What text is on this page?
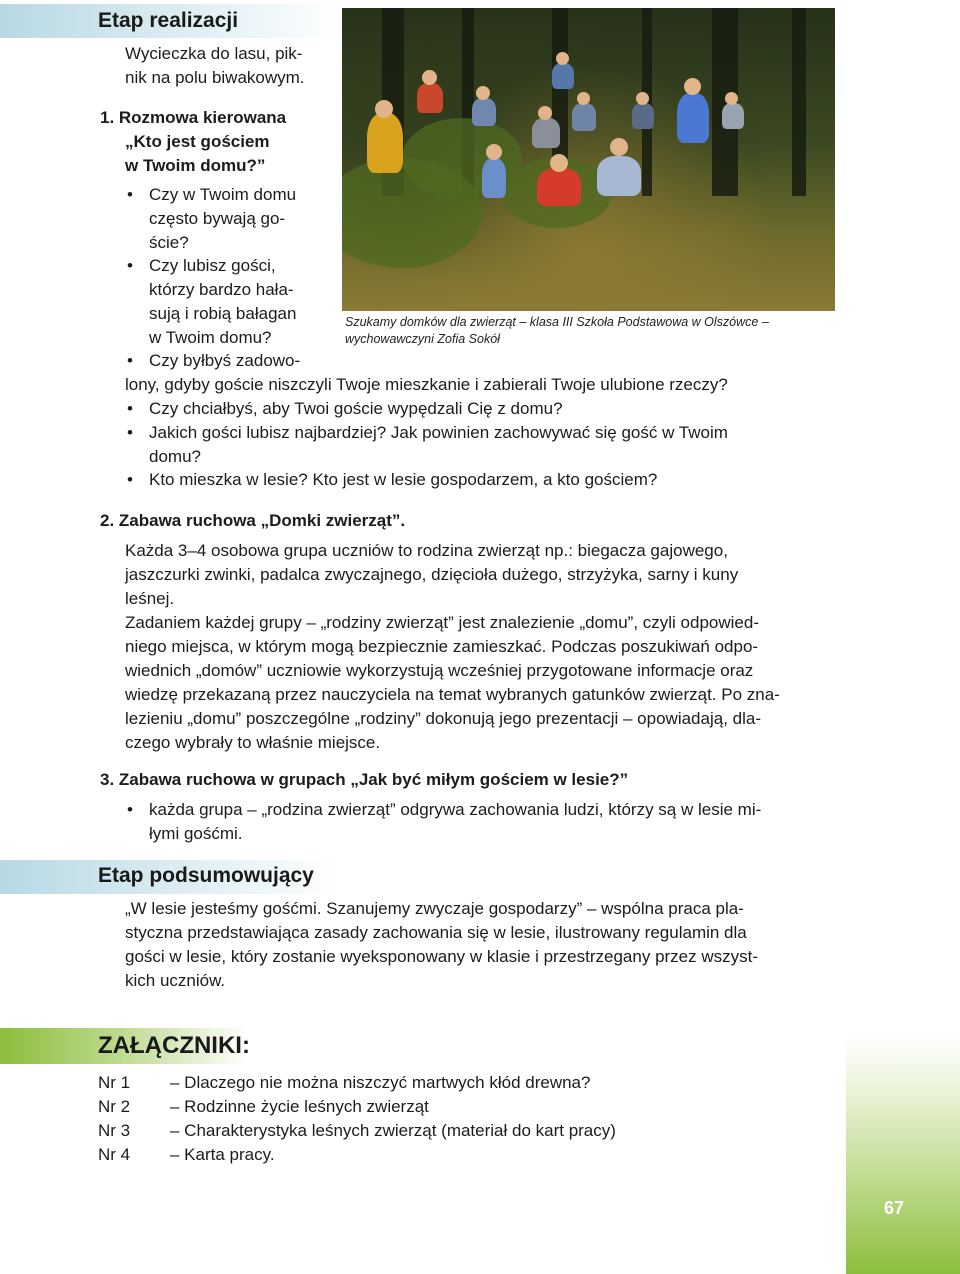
Etap realizacji
Szukamy domków dla zwierząt – klasa III Szkoła Podstawowa w Olszówce –
wychowawczyni Zofia Sokół
Wycieczka do lasu, pik-
nik na polu biwakowym.
1. Rozmowa kierowana
„Kto jest gościem
w Twoim domu?”
• Czy w Twoim domu
często bywają go-
ście?
• Czy lubisz gości,
którzy bardzo hała-
sują i robią bałagan
w Twoim domu?
• Czy byłbyś zadowo-
lony, gdyby goście niszczyli Twoje mieszkanie i zabierali Twoje ulubione rzeczy?
• Czy chciałbyś, aby Twoi goście wypędzali Cię z domu?
• Jakich gości lubisz najbardziej? Jak powinien zachowywać się gość w Twoim
domu?
• Kto mieszka w lesie? Kto jest w lesie gospodarzem, a kto gościem?
2. Zabawa ruchowa „Domki zwierząt”.
Każda 3–4 osobowa grupa uczniów to rodzina zwierząt np.: biegacza gajowego,
jaszczurki zwinki, padalca zwyczajnego, dzięcioła dużego, strzyżyka, sarny i kuny
leśnej.
Zadaniem każdej grupy – „rodziny zwierząt” jest znalezienie „domu”, czyli odpowied-
niego miejsca, w którym mogą bezpiecznie zamieszkać. Podczas poszukiwań odpo-
wiednich „domów” uczniowie wykorzystują wcześniej przygotowane informacje oraz
wiedzę przekazaną przez nauczyciela na temat wybranych gatunków zwierząt. Po zna-
lezieniu „domu” poszczególne „rodziny” dokonują jego prezentacji – opowiadają, dla-
czego wybrały to właśnie miejsce.
3. Zabawa ruchowa w grupach „Jak być miłym gościem w lesie?”
• każda grupa – „rodzina zwierząt” odgrywa zachowania ludzi, którzy są w lesie mi-
łymi gośćmi.
Etap podsumowujący
„W lesie jesteśmy gośćmi. Szanujemy zwyczaje gospodarzy” – wspólna praca pla-
styczna przedstawiająca zasady zachowania się w lesie, ilustrowany regulamin dla
gości w lesie, który zostanie wyeksponowany w klasie i przestrzegany przez wszyst-
kich uczniów.
ZAŁĄCZNIKI:
Nr 1 – Dlaczego nie można niszczyć martwych kłód drewna?
Nr 2 – Rodzinne życie leśnych zwierząt
Nr 3 – Charakterystyka leśnych zwierząt (materiał do kart pracy)
Nr 4 – Karta pracy.
67
